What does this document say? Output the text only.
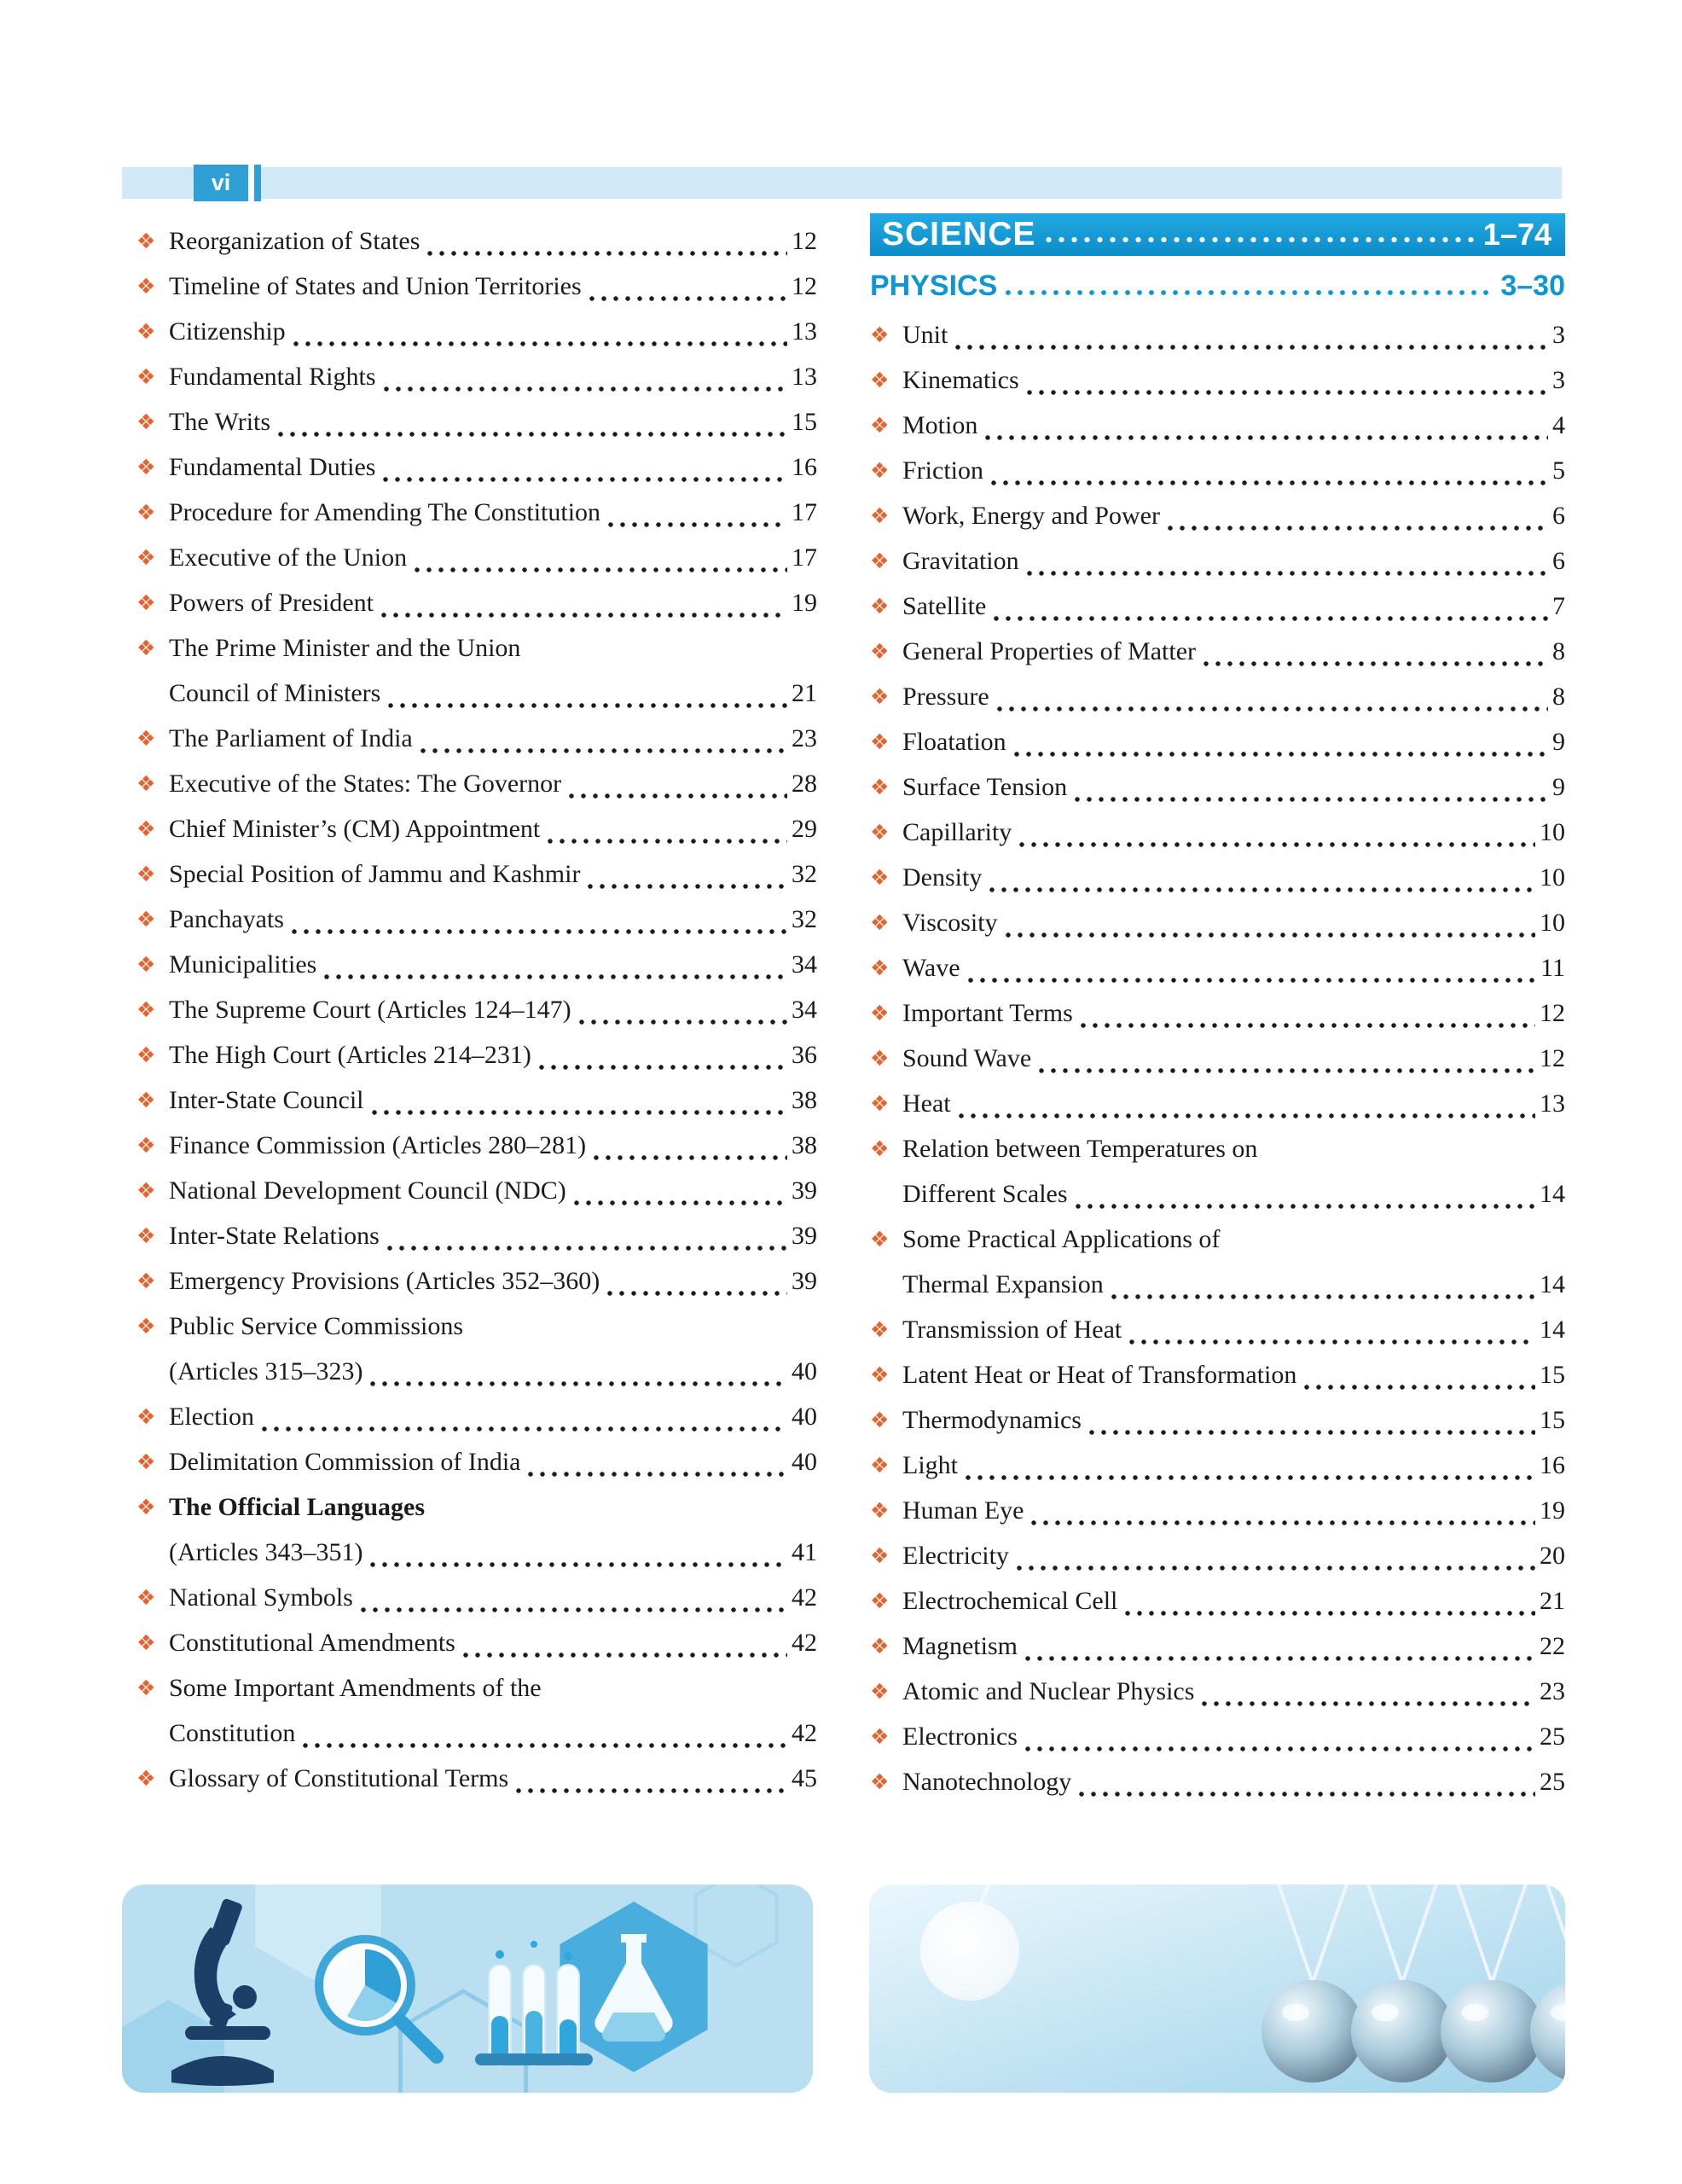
vi
❖ Reorganization of States	12
❖ Timeline of States and Union Territories	12
❖ Citizenship	13
❖ Fundamental Rights	13
❖ The Writs	15
❖ Fundamental Duties	16
❖ Procedure for Amending The Constitution	17
❖ Executive of the Union	17
❖ Powers of President	19
❖ The Prime Minister and the Union
Council of Ministers	21
❖ The Parliament of India	23
❖ Executive of the States: The Governor	28
❖ Chief Minister’s (CM) Appointment	29
❖ Special Position of Jammu and Kashmir	32
❖ Panchayats	32
❖ Municipalities	34
❖ The Supreme Court (Articles 124–147)	34
❖ The High Court (Articles 214–231)	36
❖ Inter-State Council	38
❖ Finance Commission (Articles 280–281)	38
❖ National Development Council (NDC)	39
❖ Inter-State Relations	39
❖ Emergency Provisions (Articles 352–360)	39
❖ Public Service Commissions
(Articles 315–323)	40
❖ Election	40
❖ Delimitation Commission of India	40
❖ The Official Languages
(Articles 343–351)	41
❖ National Symbols	42
❖ Constitutional Amendments	42
❖ Some Important Amendments of the
Constitution	42
❖ Glossary of Constitutional Terms	45
SCIENCE	1–74
PHYSICS	3–30
❖ Unit	3
❖ Kinematics	3
❖ Motion	4
❖ Friction	5
❖ Work, Energy and Power	6
❖ Gravitation	6
❖ Satellite	7
❖ General Properties of Matter	8
❖ Pressure	8
❖ Floatation	9
❖ Surface Tension	9
❖ Capillarity	10
❖ Density	10
❖ Viscosity	10
❖ Wave	11
❖ Important Terms	12
❖ Sound Wave	12
❖ Heat	13
❖ Relation between Temperatures on
Different Scales	14
❖ Some Practical Applications of
Thermal Expansion	14
❖ Transmission of Heat	14
❖ Latent Heat or Heat of Transformation	15
❖ Thermodynamics	15
❖ Light	16
❖ Human Eye	19
❖ Electricity	20
❖ Electrochemical Cell	21
❖ Magnetism	22
❖ Atomic and Nuclear Physics	23
❖ Electronics	25
❖ Nanotechnology	25
